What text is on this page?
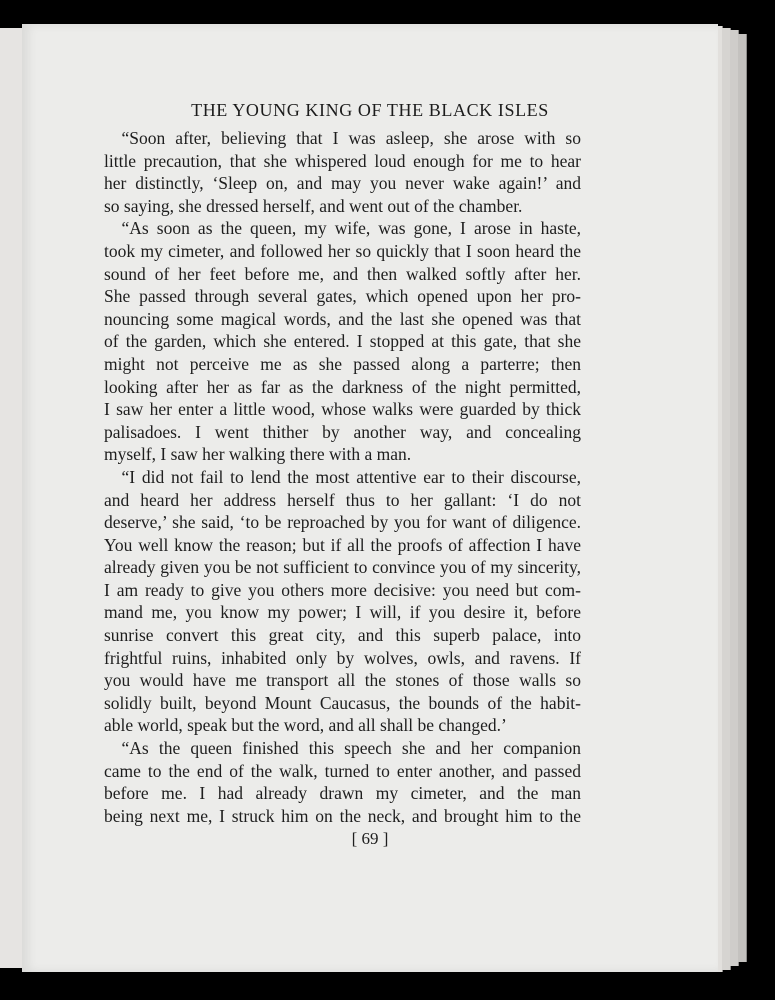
THE YOUNG KING OF THE BLACK ISLES
“Soon after, believing that I was asleep, she arose with so
little precaution, that she whispered loud enough for me to hear
her distinctly, ‘Sleep on, and may you never wake again!’ and
so saying, she dressed herself, and went out of the chamber.
“As soon as the queen, my wife, was gone, I arose in haste,
took my cimeter, and followed her so quickly that I soon heard the
sound of her feet before me, and then walked softly after her.
She passed through several gates, which opened upon her pro-
nouncing some magical words, and the last she opened was that
of the garden, which she entered. I stopped at this gate, that she
might not perceive me as she passed along a parterre; then
looking after her as far as the darkness of the night permitted,
I saw her enter a little wood, whose walks were guarded by thick
palisadoes. I went thither by another way, and concealing
myself, I saw her walking there with a man.
“I did not fail to lend the most attentive ear to their discourse,
and heard her address herself thus to her gallant: ‘I do not
deserve,’ she said, ‘to be reproached by you for want of diligence.
You well know the reason; but if all the proofs of affection I have
already given you be not sufficient to convince you of my sincerity,
I am ready to give you others more decisive: you need but com-
mand me, you know my power; I will, if you desire it, before
sunrise convert this great city, and this superb palace, into
frightful ruins, inhabited only by wolves, owls, and ravens. If
you would have me transport all the stones of those walls so
solidly built, beyond Mount Caucasus, the bounds of the habit-
able world, speak but the word, and all shall be changed.’
“As the queen finished this speech she and her companion
came to the end of the walk, turned to enter another, and passed
before me. I had already drawn my cimeter, and the man
being next me, I struck him on the neck, and brought him to the
[ 69 ]
